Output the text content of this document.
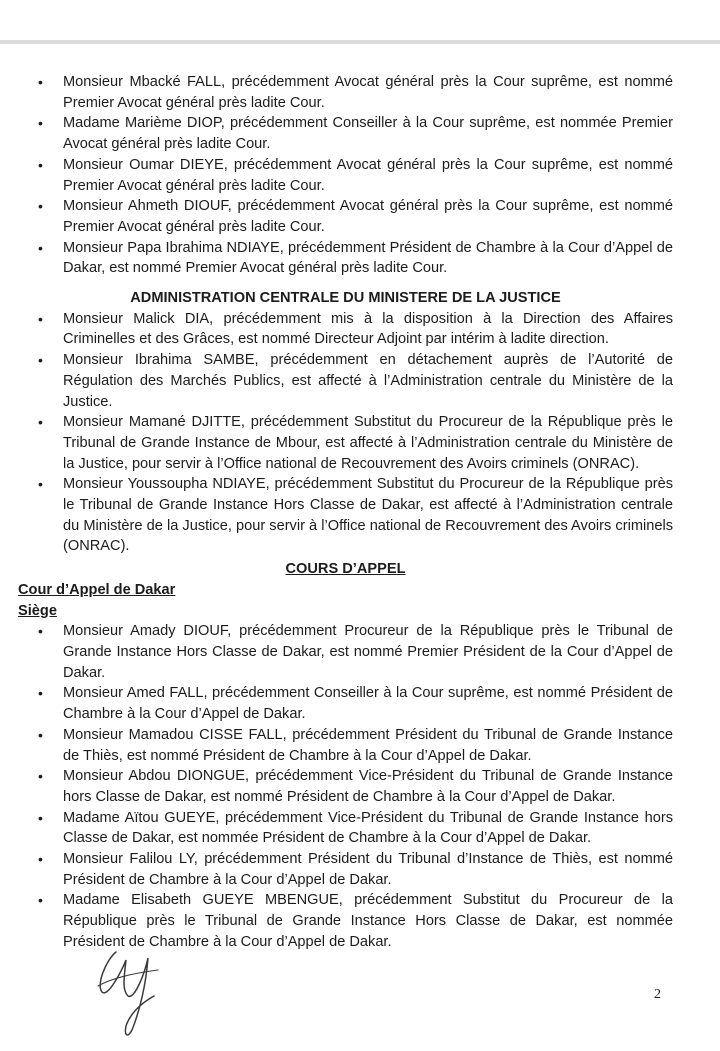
• Monsieur Mbacké FALL, précédemment Avocat général près la Cour suprême, est nommé Premier Avocat général près ladite Cour.
• Madame Marième DIOP, précédemment Conseiller à la Cour suprême, est nommée Premier Avocat général près ladite Cour.
• Monsieur Oumar DIEYE, précédemment Avocat général près la Cour suprême, est nommé Premier Avocat général près ladite Cour.
• Monsieur Ahmeth DIOUF, précédemment Avocat général près la Cour suprême, est nommé Premier Avocat général près ladite Cour.
• Monsieur Papa Ibrahima NDIAYE, précédemment Président de Chambre à la Cour d’Appel de Dakar, est nommé Premier Avocat général près ladite Cour.
ADMINISTRATION CENTRALE DU MINISTERE DE LA JUSTICE
• Monsieur Malick DIA, précédemment mis à la disposition à la Direction des Affaires Criminelles et des Grâces, est nommé Directeur Adjoint par intérim à ladite direction.
• Monsieur Ibrahima SAMBE, précédemment en détachement auprès de l’Autorité de Régulation des Marchés Publics, est affecté à l’Administration centrale du Ministère de la Justice.
• Monsieur Mamané DJITTE, précédemment Substitut du Procureur de la République près le Tribunal de Grande Instance de Mbour, est affecté à l’Administration centrale du Ministère de la Justice, pour servir à l’Office national de Recouvrement des Avoirs criminels (ONRAC).
• Monsieur Youssoupha NDIAYE, précédemment Substitut du Procureur de la République près le Tribunal de Grande Instance Hors Classe de Dakar, est affecté à l’Administration centrale du Ministère de la Justice, pour servir à l’Office national de Recouvrement des Avoirs criminels (ONRAC).
COURS D’APPEL
Cour d’Appel de Dakar
Siège
• Monsieur Amady DIOUF, précédemment Procureur de la République près le Tribunal de Grande Instance Hors Classe de Dakar, est nommé Premier Président de la Cour d’Appel de Dakar.
• Monsieur Amed FALL, précédemment Conseiller à la Cour suprême, est nommé Président de Chambre à la Cour d’Appel de Dakar.
• Monsieur Mamadou CISSE FALL, précédemment Président du Tribunal de Grande Instance de Thiès, est nommé Président de Chambre à la Cour d’Appel de Dakar.
• Monsieur Abdou DIONGUE, précédemment Vice-Président du Tribunal de Grande Instance hors Classe de Dakar, est nommé Président de Chambre à la Cour d’Appel de Dakar.
• Madame Aïtou GUEYE, précédemment Vice-Président du Tribunal de Grande Instance hors Classe de Dakar, est nommée Président de Chambre à la Cour d’Appel de Dakar.
• Monsieur Falilou LY, précédemment Président du Tribunal d’Instance de Thiès, est nommé Président de Chambre à la Cour d’Appel de Dakar.
• Madame Elisabeth GUEYE MBENGUE, précédemment Substitut du Procureur de la République près le Tribunal de Grande Instance Hors Classe de Dakar, est nommée Président de Chambre à la Cour d’Appel de Dakar.
2
